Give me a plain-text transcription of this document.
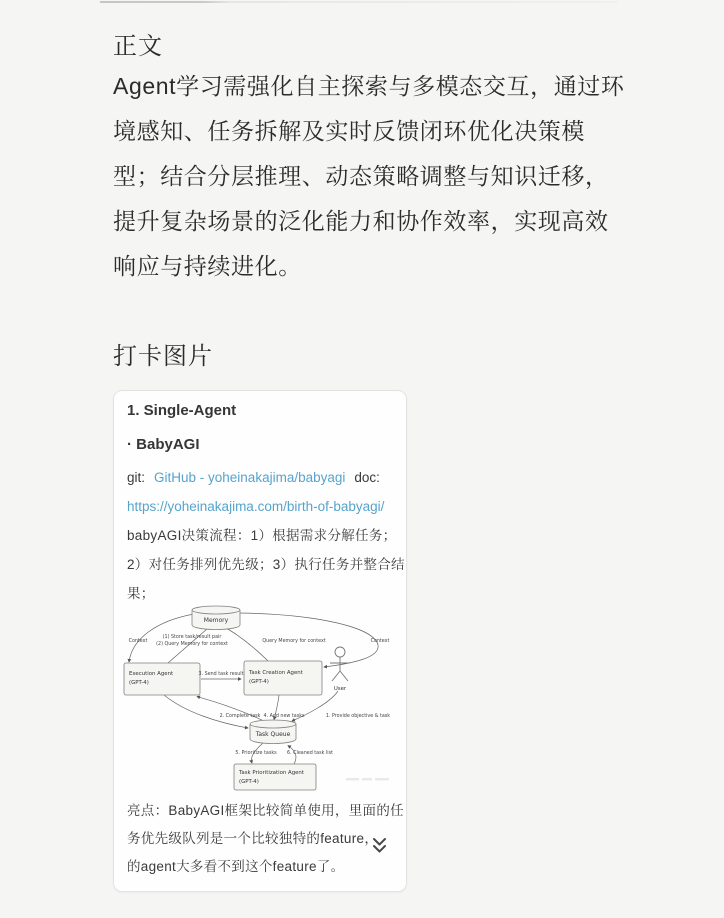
正文
Agent学习需强化自主探索与多模态交互，通过环
境感知、任务拆解及实时反馈闭环优化决策模
型；结合分层推理、动态策略调整与知识迁移，
提升复杂场景的泛化能力和协作效率，实现高效
响应与持续进化。
打卡图片
1. Single-Agent
· BabyAGI
git: GitHub - yoheinakajima/babyagi doc:
https://yoheinakajima.com/birth-of-babyagi/
babyAGI决策流程：1）根据需求分解任务；
2）对任务排列优先级；3）执行任务并整合结
果；
Memory
Execution Agent
(GPT-4)
Task Creation Agent
(GPT-4)
User
Task Queue
Task Prioritization Agent
(GPT-4)
Context
(1) Store task/result pair
(2) Query Memory for context
Query Memory for context	Context
3. Send task result
2. Complete task 4. Add new tasks	1. Provide objective & task
5. Prioritize tasks 6. Cleaned task list
亮点：BabyAGI框架比较简单使用，里面的任
务优先级队列是一个比较独特的feature，
的agent大多看不到这个feature了。
